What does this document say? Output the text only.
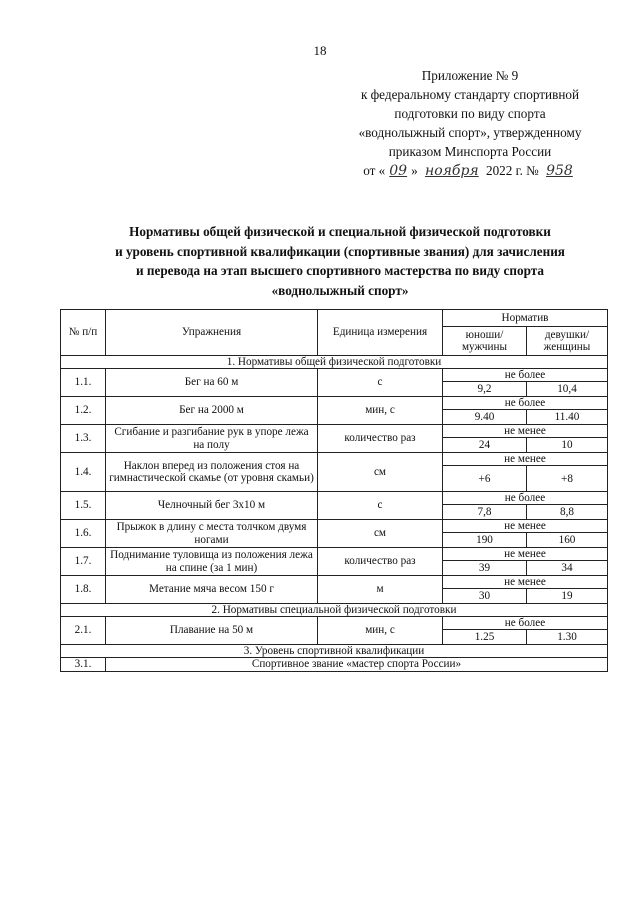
18
Приложение № 9
к федеральному стандарту спортивной
подготовки по виду спорта
«воднолыжный спорт», утвержденному
приказом Минспорта России
от « 09 » ноября 2022 г. № 958
Нормативы общей физической и специальной физической подготовки
и уровень спортивной квалификации (спортивные звания) для зачисления
и перевода на этап высшего спортивного мастерства по виду спорта
«воднолыжный спорт»
№ п/п	Упражнения	Единица измерения	Норматив	
			юноши/ мужчины	девушки/ женщины
1. Нормативы общей физической подготовки				
1.1.	Бег на 60 м	с	не более	
			9,2	10,4
1.2.	Бег на 2000 м	мин, с	не более	
			9.40	11.40
1.3.	Сгибание и разгибание рук в упоре лежа на полу	количество раз	не менее	
			24	10
1.4.	Наклон вперед из положения стоя на гимнастической скамье (от уровня скамьи)	см	не менее	
			+6	+8
1.5.	Челночный бег 3х10 м	с	не более	
			7,8	8,8
1.6.	Прыжок в длину с места толчком двумя ногами	см	не менее	
			190	160
1.7.	Поднимание туловища из положения лежа на спине (за 1 мин)	количество раз	не менее	
			39	34
1.8.	Метание мяча весом 150 г	м	не менее	
			30	19
2. Нормативы специальной физической подготовки				
2.1.	Плавание на 50 м	мин, с	не более	
			1.25	1.30
3. Уровень спортивной квалификации				
3.1.	Спортивное звание «мастер спорта России»			
